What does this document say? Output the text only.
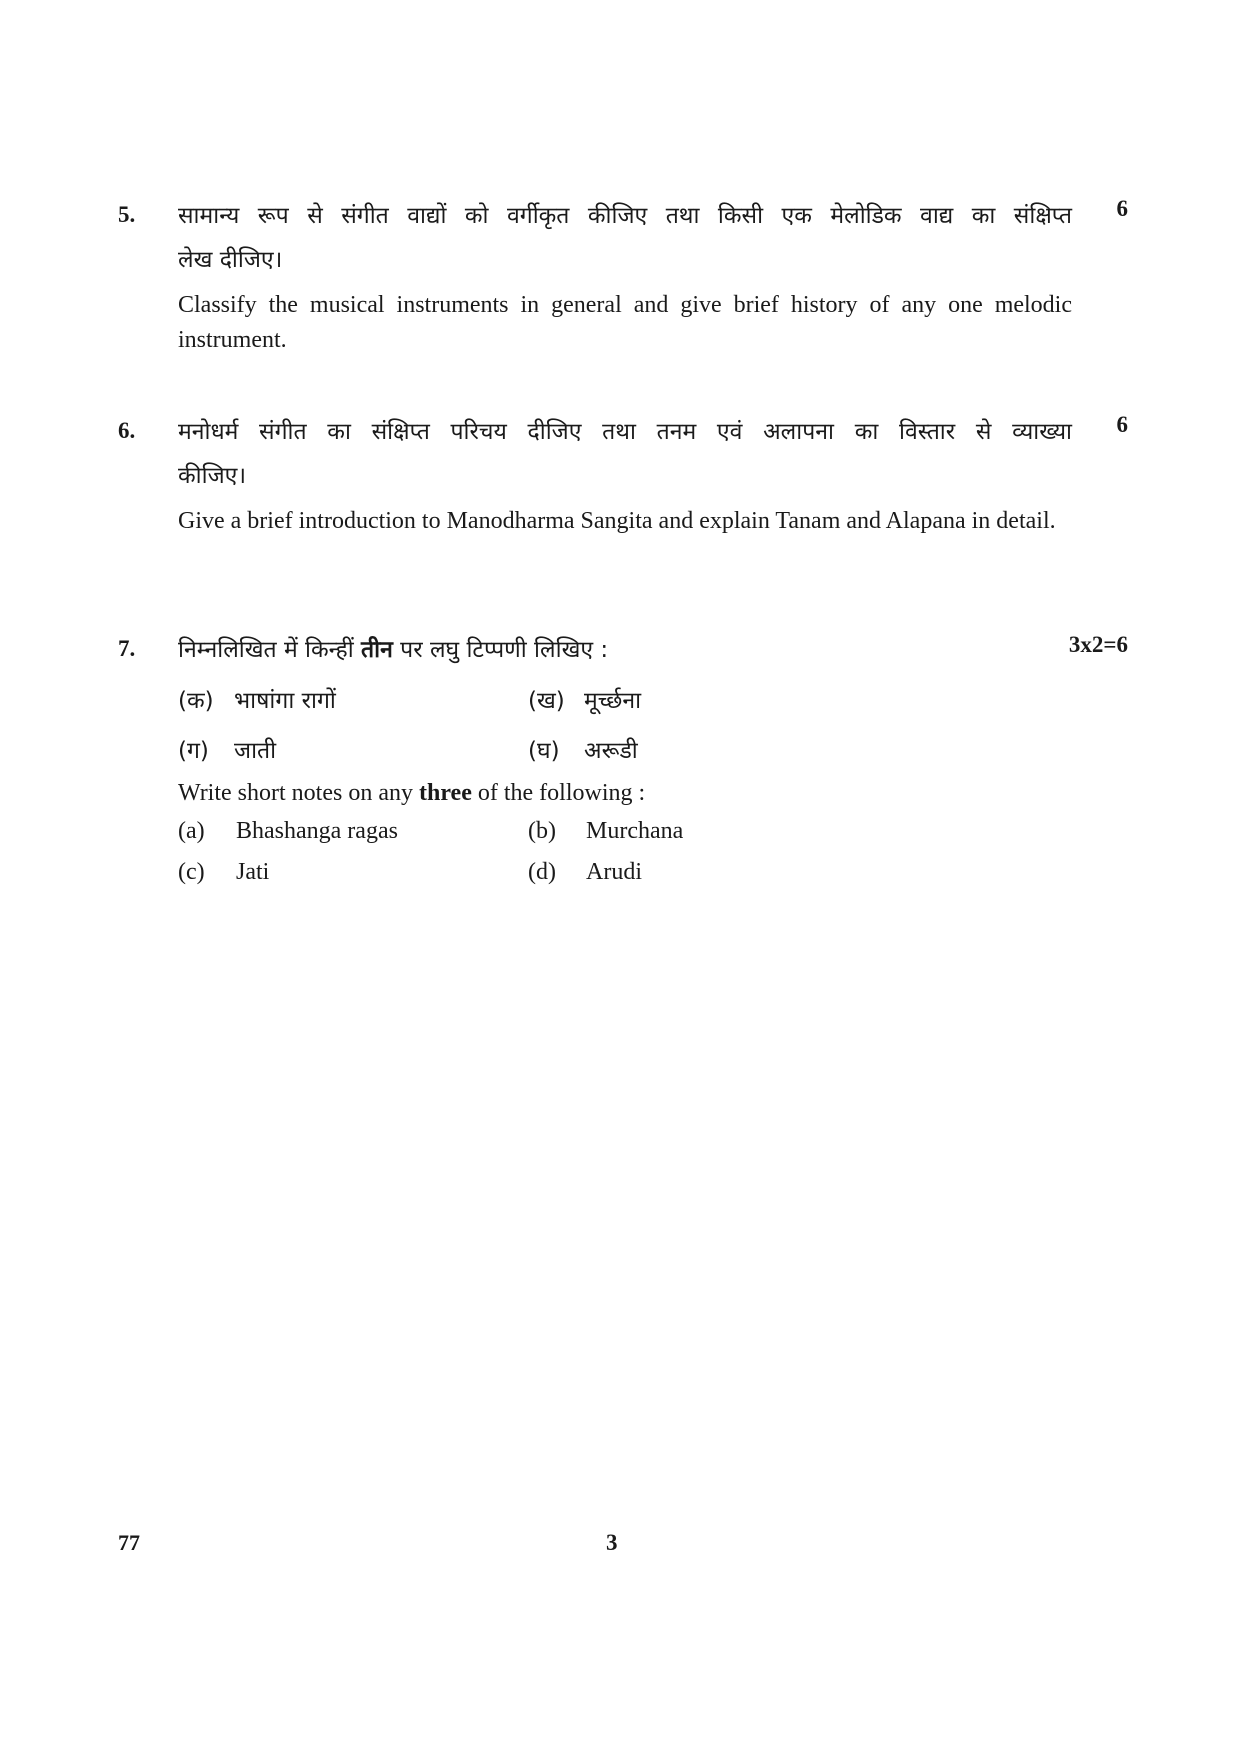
5.	6
सामान्य रूप से संगीत वाद्यों को वर्गीकृत कीजिए तथा किसी एक मेलोडिक वाद्य का संक्षिप्त
लेख दीजिए।
Classify the musical instruments in general and give brief history of any one melodic instrument.
6.	6
मनोधर्म संगीत का संक्षिप्त परिचय दीजिए तथा तनम एवं अलापना का विस्तार से व्याख्या
कीजिए।
Give a brief introduction to Manodharma Sangita and explain Tanam and Alapana in detail.
7.	3x2=6
निम्नलिखित में किन्हीं तीन पर लघु टिप्पणी लिखिए :
(क) भाषांगा रागों	(ख) मूर्च्छना
(ग)	जाती	(घ)	अरूडी
Write short notes on any three of the following :
(a)	Bhashanga ragas	(b)	Murchana
(c)	Jati	(d)	Arudi
77	3
